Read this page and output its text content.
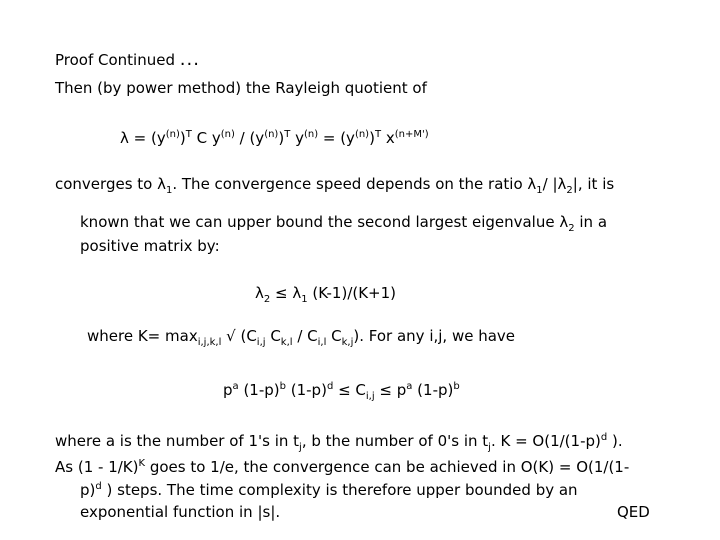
Proof Continued ...
Then (by power method) the Rayleigh quotient of
$\lambda = (y^{(n)})^T$ C $y^{(n)} / (y^{(n)})^T$ $y^{(n)} = (y^{(n)})^T$ $x^{(n+M')}$
converges to $\lambda_1$. The convergence speed depends on the ratio $\lambda_1/$ $|\lambda_2|$, it is
known that we can upper bound the second largest eigenvalue $\lambda_2$ in a
positive matrix by:
$\lambda_2 \le \lambda_1$ (K-1)/(K+1)
where $K= \max_{i,j,k,l}$ √ ($C_{i,j}$ $C_{k,l} / C_{i,l}$ $C_{k,j}$). For any i,j, we have
$p^a$ $(1-p)^b$ $(1-p)^d \le C_{i,j} \le p^a$ $(1-p)^b$
where a is the number of 1's in $t_j$, b the number of 0's in $t_j$. $K = O(1/(1-p)^d$ ).
As (1 - 1/K)$^K$ goes to 1/e, the convergence can be achieved in O(K) = O(1/(1-
p)$^d$ ) steps. The time complexity is therefore upper bounded by an
exponential function in |s|.	QED
